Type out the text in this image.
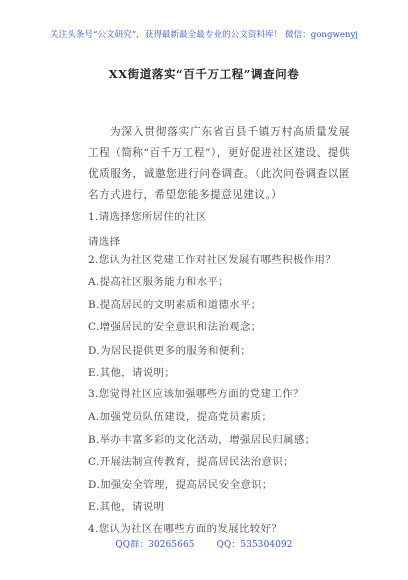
关注头条号“公文研究”，获得最新最全最专业的公文资料库！ 微信：gongwenyj
XX街道落实“百千万工程”调查问卷
为深入贯彻落实广东省百县千镇万村高质量发展工程（简称“百千万工程”），更好促进社区建设、提供优质服务，诚邀您进行问卷调查。（此次问卷调查以匿名方式进行，希望您能多提意见建议。）
1.请选择您所居住的社区
请选择
2.您认为社区党建工作对社区发展有哪些积极作用？
A.提高社区服务能力和水平；
B.提高居民的文明素质和道德水平；
C.增强居民的安全意识和法治观念；
D.为居民提供更多的服务和便利；
E.其他，请说明；
3.您觉得社区应该加强哪些方面的党建工作？
A.加强党员队伍建设，提高党员素质；
B.举办丰富多彩的文化活动，增强居民归属感；
C.开展法制宣传教育，提高居民法治意识；
D.加强安全管理，提高居民安全意识；
E.其他，请说明
4.您认为社区在哪些方面的发展比较好？
QQ群：30265665	QQ：535304092
